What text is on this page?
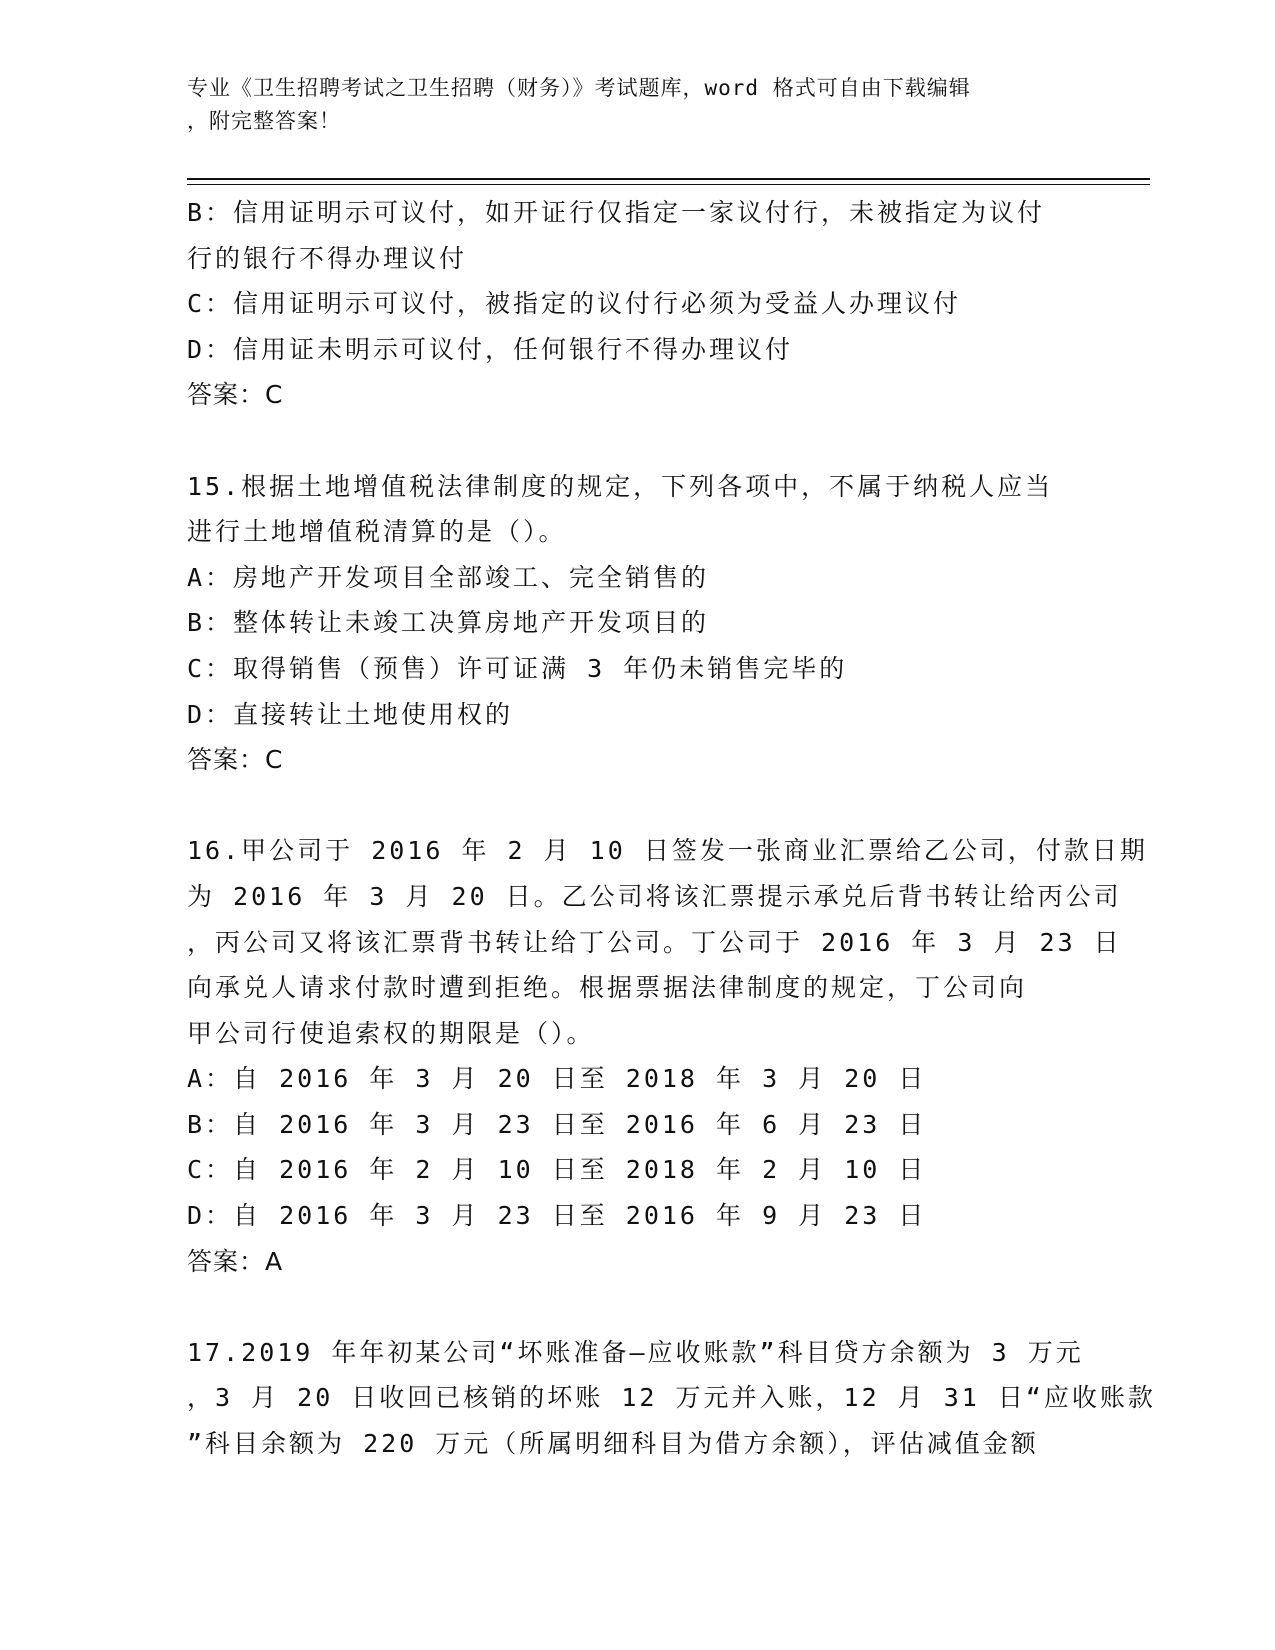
专业《卫生招聘考试之卫生招聘（财务）》考试题库，word 格式可自由下载编辑
，附完整答案！
B：信用证明示可议付，如开证行仅指定一家议付行，未被指定为议付
行的银行不得办理议付
C：信用证明示可议付，被指定的议付行必须为受益人办理议付
D：信用证未明示可议付，任何银行不得办理议付
答案：C
15.根据土地增值税法律制度的规定，下列各项中，不属于纳税人应当
进行土地增值税清算的是（）。
A：房地产开发项目全部竣工、完全销售的
B：整体转让未竣工决算房地产开发项目的
C：取得销售（预售）许可证满 3 年仍未销售完毕的
D：直接转让土地使用权的
答案：C
16.甲公司于 2016 年 2 月 10 日签发一张商业汇票给乙公司，付款日期
为 2016 年 3 月 20 日。乙公司将该汇票提示承兑后背书转让给丙公司
，丙公司又将该汇票背书转让给丁公司。丁公司于 2016 年 3 月 23 日
向承兑人请求付款时遭到拒绝。根据票据法律制度的规定，丁公司向
甲公司行使追索权的期限是（）。
A：自 2016 年 3 月 20 日至 2018 年 3 月 20 日
B：自 2016 年 3 月 23 日至 2016 年 6 月 23 日
C：自 2016 年 2 月 10 日至 2018 年 2 月 10 日
D：自 2016 年 3 月 23 日至 2016 年 9 月 23 日
答案：A
17.2019 年年初某公司“坏账准备—应收账款”科目贷方余额为 3 万元
，3 月 20 日收回已核销的坏账 12 万元并入账，12 月 31 日“应收账款
”科目余额为 220 万元（所属明细科目为借方余额），评估减值金额
